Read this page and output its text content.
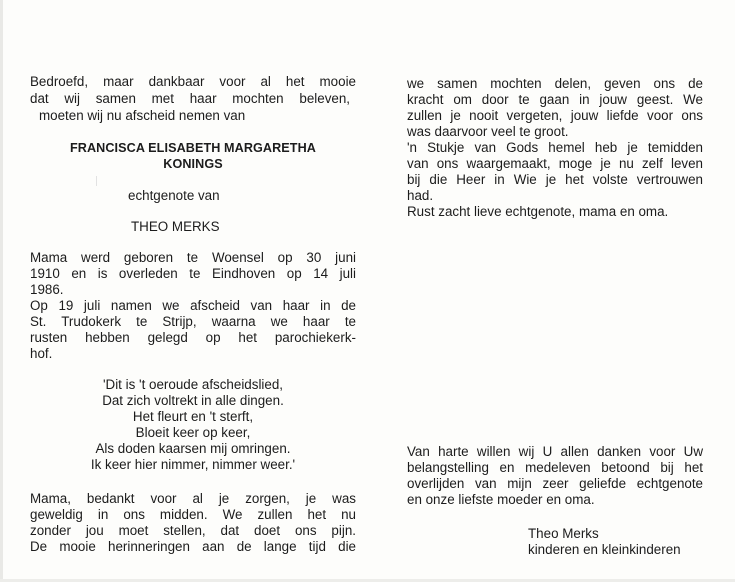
Bedroefd, maar dankbaar voor al het mooie
dat wij samen met haar mochten beleven,
moeten wij nu afscheid nemen van
FRANCISCA ELISABETH MARGARETHA
KONINGS
echtgenote van
THEO MERKS
Mama werd geboren te Woensel op 30 juni
1910 en is overleden te Eindhoven op 14 juli
1986.
Op 19 juli namen we afscheid van haar in de
St. Trudokerk te Strijp, waarna we haar te
rusten hebben gelegd op het parochiekerk-
hof.
'Dit is 't oeroude afscheidslied,
Dat zich voltrekt in alle dingen.
Het fleurt en 't sterft,
Bloeit keer op keer,
Als doden kaarsen mij omringen.
Ik keer hier nimmer, nimmer weer.'
Mama, bedankt voor al je zorgen, je was
geweldig in ons midden. We zullen het nu
zonder jou moet stellen, dat doet ons pijn.
De mooie herinneringen aan de lange tijd die
we samen mochten delen, geven ons de
kracht om door te gaan in jouw geest. We
zullen je nooit vergeten, jouw liefde voor ons
was daarvoor veel te groot.
'n Stukje van Gods hemel heb je temidden
van ons waargemaakt, moge je nu zelf leven
bij die Heer in Wie je het volste vertrouwen
had.
Rust zacht lieve echtgenote, mama en oma.
Van harte willen wij U allen danken voor Uw
belangstelling en medeleven betoond bij het
overlijden van mijn zeer geliefde echtgenote
en onze liefste moeder en oma.
Theo Merks
kinderen en kleinkinderen
